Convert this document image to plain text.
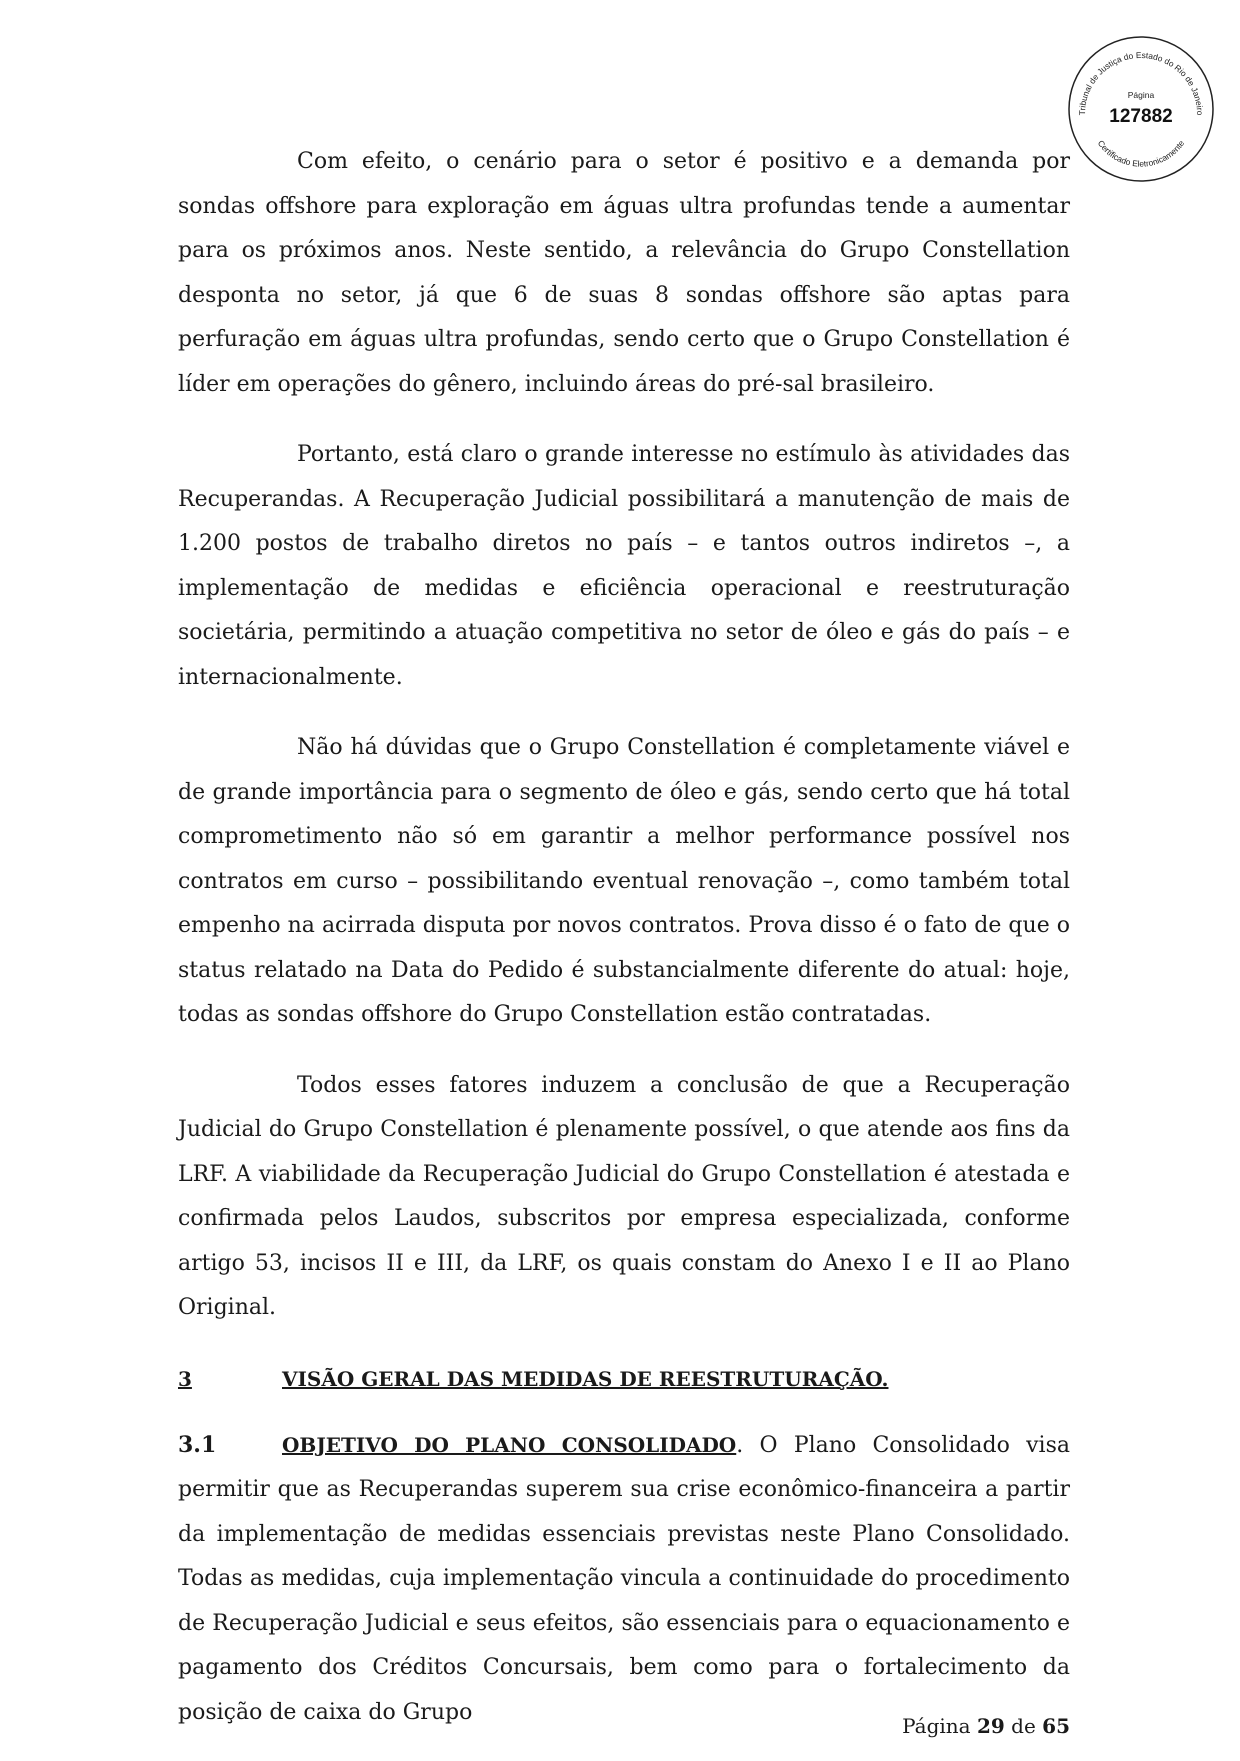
Tribunal de Justiça do Estado do Rio de Janeiro
Página
127882
Certificado Eletronicamente

Com efeito, o cenário para o setor é positivo e a demanda por sondas offshore para exploração em águas ultra profundas tende a aumentar para os próximos anos. Neste sentido, a relevância do Grupo Constellation desponta no setor, já que 6 de suas 8 sondas offshore são aptas para perfuração em águas ultra profundas, sendo certo que o Grupo Constellation é líder em operações do gênero, incluindo áreas do pré-sal brasileiro.

Portanto, está claro o grande interesse no estímulo às atividades das Recuperandas. A Recuperação Judicial possibilitará a manutenção de mais de 1.200 postos de trabalho diretos no país – e tantos outros indiretos –, a implementação de medidas e eficiência operacional e reestruturação societária, permitindo a atuação competitiva no setor de óleo e gás do país – e internacionalmente.

Não há dúvidas que o Grupo Constellation é completamente viável e de grande importância para o segmento de óleo e gás, sendo certo que há total comprometimento não só em garantir a melhor performance possível nos contratos em curso – possibilitando eventual renovação –, como também total empenho na acirrada disputa por novos contratos. Prova disso é o fato de que o status relatado na Data do Pedido é substancialmente diferente do atual: hoje, todas as sondas offshore do Grupo Constellation estão contratadas.

Todos esses fatores induzem a conclusão de que a Recuperação Judicial do Grupo Constellation é plenamente possível, o que atende aos fins da LRF. A viabilidade da Recuperação Judicial do Grupo Constellation é atestada e confirmada pelos Laudos, subscritos por empresa especializada, conforme artigo 53, incisos II e III, da LRF, os quais constam do Anexo I e II ao Plano Original.

3	VISÃO GERAL DAS MEDIDAS DE REESTRUTURAÇÃO.

3.1	OBJETIVO DO PLANO CONSOLIDADO. O Plano Consolidado visa permitir que as Recuperandas superem sua crise econômico-financeira a partir da implementação de medidas essenciais previstas neste Plano Consolidado. Todas as medidas, cuja implementação vincula a continuidade do procedimento de Recuperação Judicial e seus efeitos, são essenciais para o equacionamento e pagamento dos Créditos Concursais, bem como para o fortalecimento da posição de caixa do Grupo

Página 29 de 65
